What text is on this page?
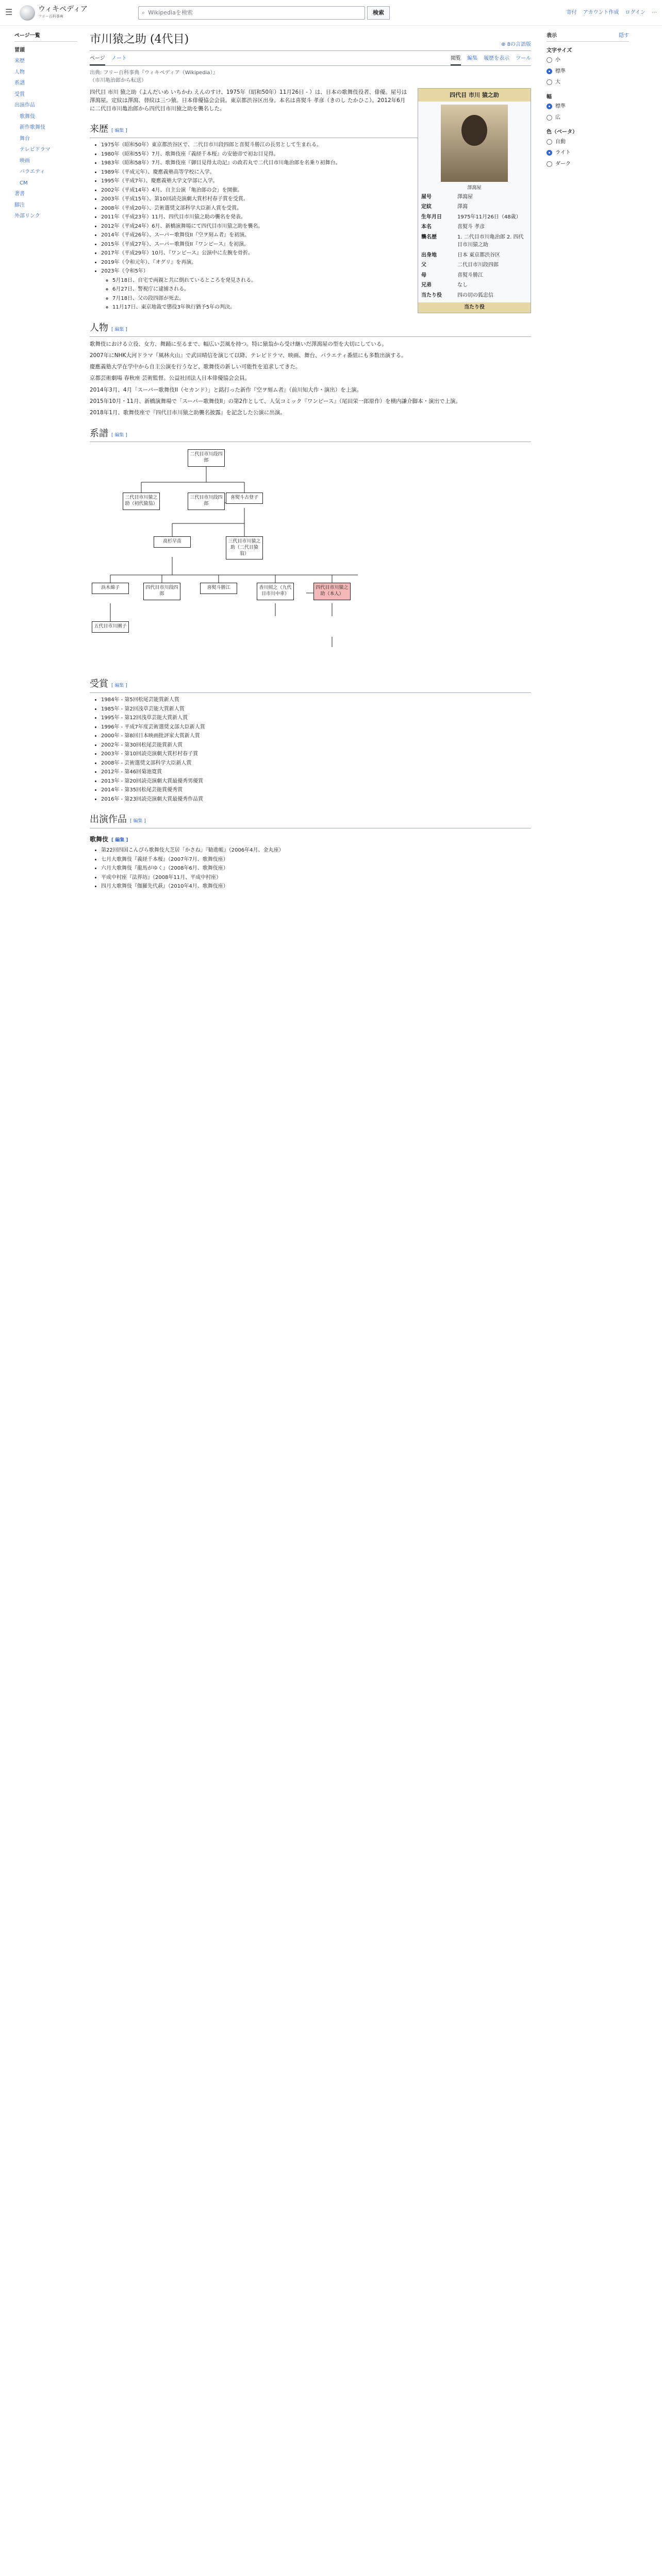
☰	ウィキペディア
フリー百科事典
⌕ Wikipediaを検索	検索	寄付 アカウント作成 ログイン ⋯
ページ一覧
冒頭
来歴
人物
系譜
受賞
出演作品
歌舞伎
新作歌舞伎
舞台
テレビドラマ
映画
バラエティ
CM
著書
脚注
外部リンク
市川猿之助 (4代目)	⊕ 8の言語版
ページ ノート	閲覧 編集 履歴を表示 ツール
出典: フリー百科事典『ウィキペディア（Wikipedia）』
（市川亀治郎から転送）
四代目 市川 猿之助
澤瀉屋
屋号	澤瀉屋
定紋	澤瀉
生年月日	1975年11月26日（48歳）
本名	喜熨斗 孝彦
襲名歴	1. 二代目市川亀治郎 2. 四代目市川猿之助
出身地	日本 東京都渋谷区
父	二代目市川段四郎
母	喜熨斗勝江
兄弟	なし
当たり役	四の切の狐忠信
当たり役

四代目 市川 猿之助（よんだいめ いちかわ えんのすけ、1975年（昭和50年）11月26日 - ）は、日本の歌舞伎役者、俳優。屋号は澤瀉屋。定紋は澤瀉、替紋は三つ猿。日本俳優協会会員。東京都渋谷区出身。本名は喜熨斗 孝彦（きのし たかひこ）。2012年6月に二代目市川亀治郎から四代目市川猿之助を襲名した。

来歴 [ 編集 ]
• 1975年（昭和50年）東京都渋谷区で、二代目市川段四郎と喜熨斗勝江の長男として生まれる。
• 1980年（昭和55年）7月、歌舞伎座『義経千本桜』の安徳帝で初お目見得。
• 1983年（昭和58年）7月、歌舞伎座『御目見得太功記』の政若丸で二代目市川亀治郎を名乗り初舞台。
• 1989年（平成元年）、慶應義塾高等学校に入学。
• 1995年（平成7年）、慶應義塾大学文学部に入学。
• 2002年（平成14年）4月、自主公演「亀治郎の会」を開催。
• 2003年（平成15年）、第10回読売演劇大賞杉村春子賞を受賞。
• 2008年（平成20年）、芸術選奨文部科学大臣新人賞を受賞。
• 2011年（平成23年）11月、四代目市川猿之助の襲名を発表。
• 2012年（平成24年）6月、新橋演舞場にて四代目市川猿之助を襲名。
• 2014年（平成26年）、スーパー歌舞伎II『空ヲ刻ム者』を初演。
• 2015年（平成27年）、スーパー歌舞伎II『ワンピース』を初演。
• 2017年（平成29年）10月、『ワンピース』公演中に左腕を骨折。
• 2019年（令和元年）、『オグリ』を再演。
• 2023年（令和5年）
◦ 5月18日、自宅で両親と共に倒れているところを発見される。
◦ 6月27日、警視庁に逮捕される。
◦ 7月18日、父の段四郎が死去。
◦ 11月17日、東京地裁で懲役3年執行猶予5年の判決。
人物 [ 編集 ]

歌舞伎における立役、女方、舞踊に至るまで、幅広い芸風を持つ。特に猿翁から受け継いだ澤瀉屋の型を大切にしている。

2007年にNHK大河ドラマ『風林火山』で武田晴信を演じて以降、テレビドラマ、映画、舞台、バラエティ番組にも多数出演する。

慶應義塾大学在学中から自主公演を行うなど、歌舞伎の新しい可能性を追求してきた。

京都芸術劇場 春秋座 芸術監督。公益社団法人日本俳優協会会員。

2014年3月、4月「スーパー歌舞伎II（セカンド）」と銘打った新作『空ヲ刻ム者』（前川知大作・演出）を上演。

2015年10月・11月、新橋演舞場で「スーパー歌舞伎II」の第2作として、人気コミック『ワンピース』（尾田栄一郎原作）を横内謙介脚本・演出で上演。

2018年1月、歌舞伎座で『四代目市川猿之助襲名披露』を記念した公演に出演。

系譜 [ 編集 ]
二代目市川段四郎
二代目市川猿之助（初代猿翁）
喜熨斗古登子
三代目市川段四郎
高杉早苗	三代目市川猿之助（二代目猿翁）
浜木綿子	四代目市川段四郎
喜熨斗勝江	香川照之（九代目市川中車）
四代目市川猿之助（本人）
五代目市川團子
受賞 [ 編集 ]
• 1984年 - 第5回松尾芸能賞新人賞
• 1985年 - 第2回浅草芸能大賞新人賞
• 1995年 - 第12回浅草芸能大賞新人賞
• 1996年 - 平成7年度芸術選奨文部大臣新人賞
• 2000年 - 第8回日本映画批評家大賞新人賞
• 2002年 - 第30回松尾芸能賞新人賞
• 2003年 - 第10回読売演劇大賞杉村春子賞
• 2008年 - 芸術選奨文部科学大臣新人賞
• 2012年 - 第46回菊池寛賞
• 2013年 - 第20回読売演劇大賞最優秀男優賞
• 2014年 - 第35回松尾芸能賞優秀賞
• 2016年 - 第23回読売演劇大賞最優秀作品賞
出演作品 [ 編集 ]
歌舞伎 [ 編集 ]
• 第22回四国こんぴら歌舞伎大芝居「かさね」『勧進帳』（2006年4月、金丸座）
• 七月大歌舞伎『義経千本桜』（2007年7月、歌舞伎座）
• 六月大歌舞伎『龍馬がゆく』（2008年6月、歌舞伎座）
• 平成中村座『法界坊』（2008年11月、平成中村座）
• 四月大歌舞伎『伽羅先代萩』（2010年4月、歌舞伎座）
表示	隠す
文字サイズ
小
標準
大
幅
標準
広
色（ベータ）
自動
ライト
ダーク
